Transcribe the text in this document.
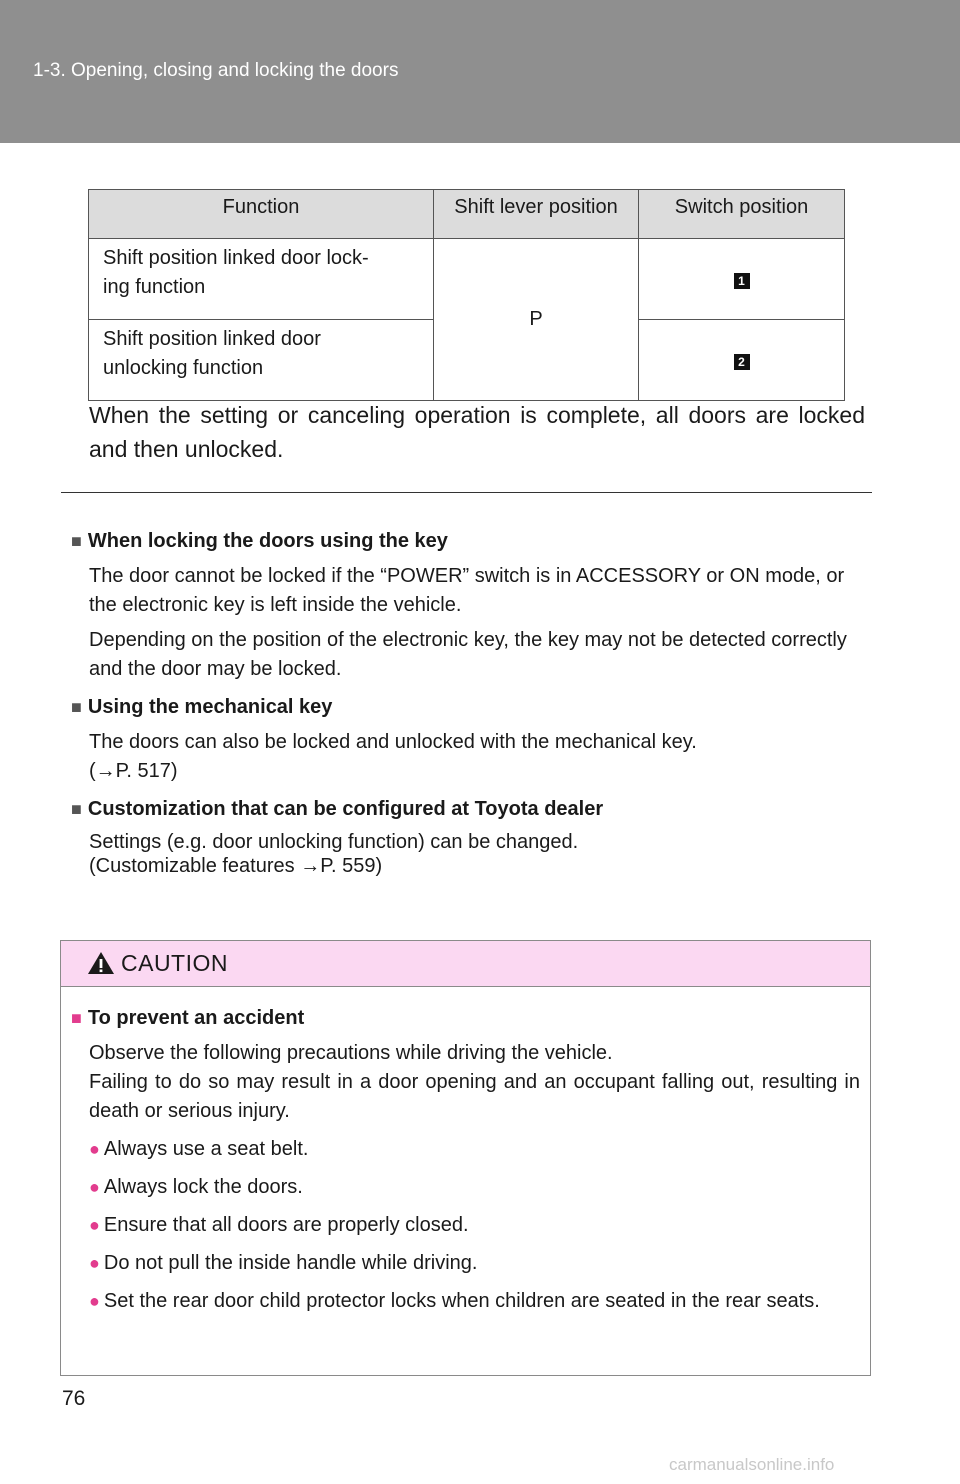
1-3. Opening, closing and locking the doors
Function	Shift lever position	Switch position
Shift position linked door lock-
ing function	P	1
Shift position linked door
unlocking function		2
When the setting or canceling operation is complete, all doors are locked and then unlocked.
■ When locking the doors using the key
The door cannot be locked if the “POWER” switch is in ACCESSORY or ON mode, or the electronic key is left inside the vehicle.
Depending on the position of the electronic key, the key may not be detected correctly and the door may be locked.
■ Using the mechanical key
The doors can also be locked and unlocked with the mechanical key.
(→P. 517)
■ Customization that can be configured at Toyota dealer
Settings (e.g. door unlocking function) can be changed.
(Customizable features →P. 559)
CAUTION
■ To prevent an accident
Observe the following precautions while driving the vehicle.
Failing to do so may result in a door opening and an occupant falling out, resulting in death or serious injury.
● Always use a seat belt.
● Always lock the doors.
● Ensure that all doors are properly closed.
● Do not pull the inside handle while driving.
● Set the rear door child protector locks when children are seated in the rear seats.
76
carmanualsonline.info
